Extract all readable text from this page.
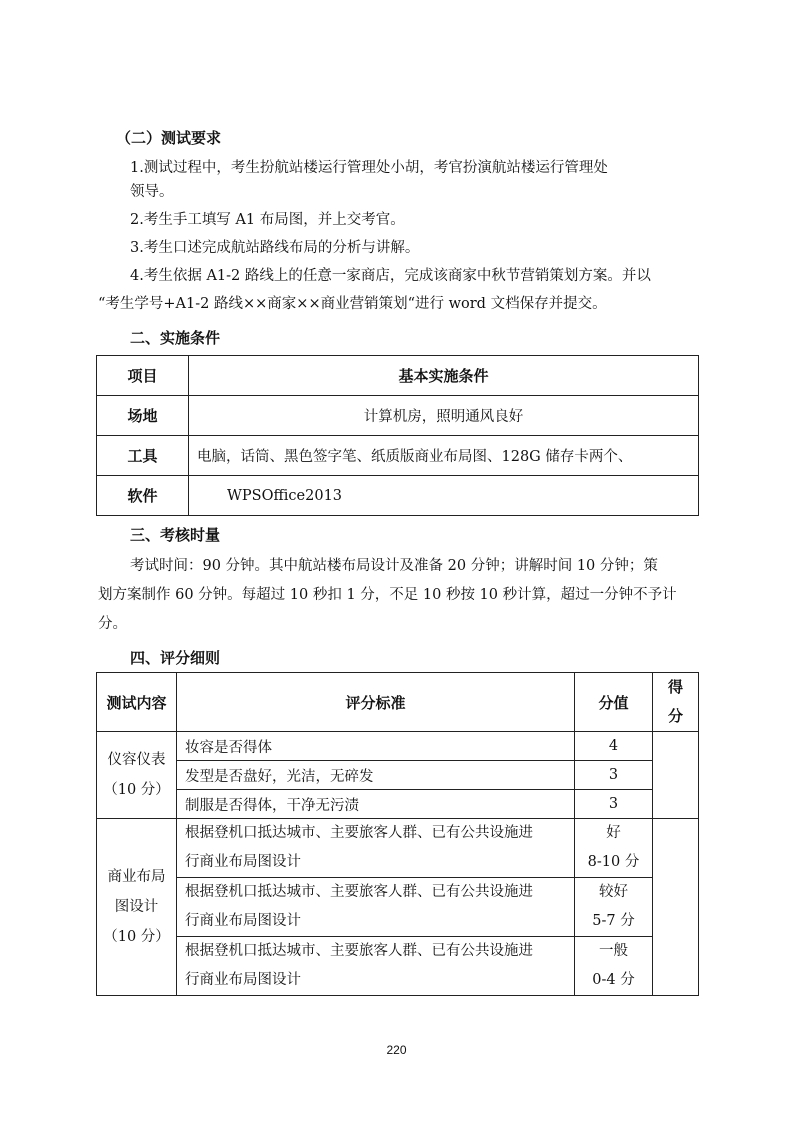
（二）测试要求
1.测试过程中，考生扮航站楼运行管理处小胡，考官扮演航站楼运行管理处
领导。
2.考生手工填写 A1 布局图，并上交考官。
3.考生口述完成航站路线布局的分析与讲解。
4.考生依据 A1-2 路线上的任意一家商店，完成该商家中秋节营销策划方案。并以
“考生学号+A1-2 路线××商家××商业营销策划“进行 word 文档保存并提交。
二、实施条件
项目	基本实施条件
场地	计算机房，照明通风良好
工具	电脑，话筒、黑色签字笔、纸质版商业布局图、128G 储存卡两个、
软件	WPSOffice2013
三、考核时量
考试时间：90 分钟。其中航站楼布局设计及准备 20 分钟；讲解时间 10 分钟；策
划方案制作 60 分钟。每超过 10 秒扣 1 分，不足 10 秒按 10 秒计算，超过一分钟不予计
分。
四、评分细则
测试内容	评分标准	分值	得
分
仪容仪表
（10 分）	妆容是否得体	4	
	发型是否盘好，光洁，无碎发	3	
	制服是否得体，干净无污渍	3	
商业布局
图设计
（10 分）	根据登机口抵达城市、主要旅客人群、已有公共设施进
行商业布局图设计	好
8-10 分	
	根据登机口抵达城市、主要旅客人群、已有公共设施进
行商业布局图设计	较好
5-7 分	
	根据登机口抵达城市、主要旅客人群、已有公共设施进
行商业布局图设计	一般
0-4 分	
220
